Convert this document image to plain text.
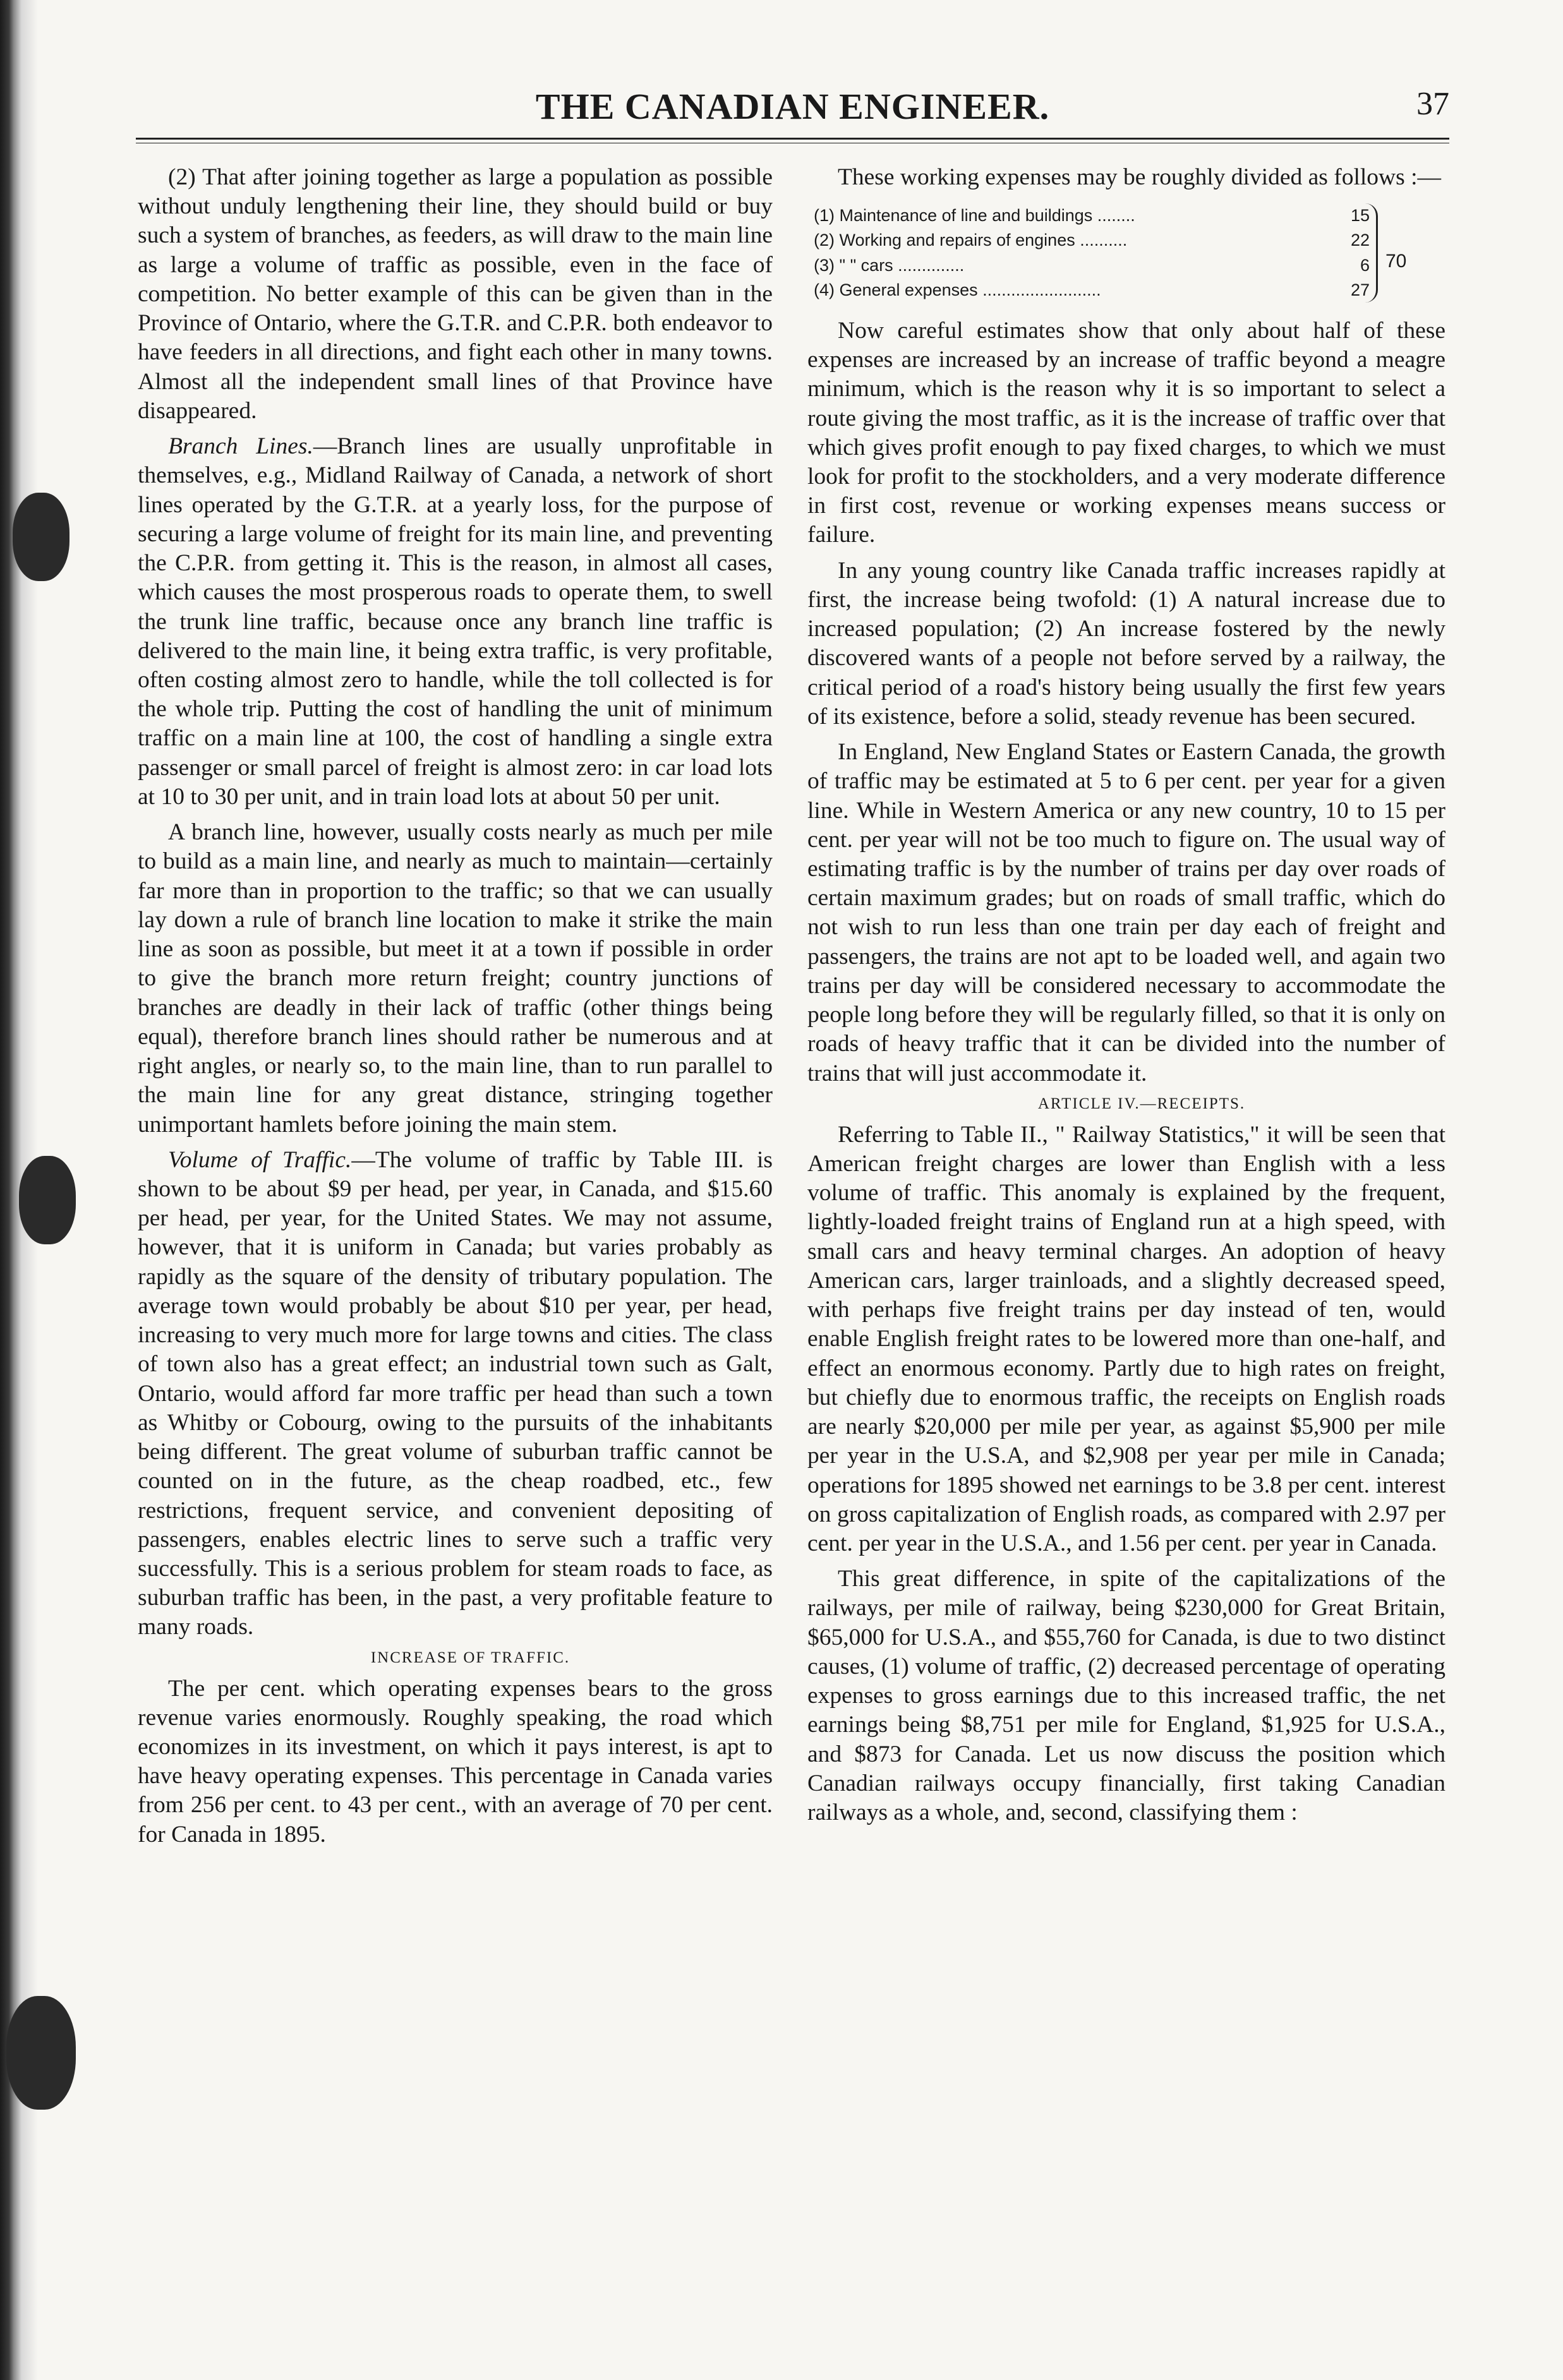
THE CANADIAN ENGINEER.	37

(2) That after joining together as large a population as possible without unduly lengthening their line, they should build or buy such a system of branches, as feeders, as will draw to the main line as large a volume of traffic as possible, even in the face of competition. No better example of this can be given than in the Province of Ontario, where the G.T.R. and C.P.R. both endeavor to have feeders in all directions, and fight each other in many towns. Almost all the independent small lines of that Province have disappeared.

Branch Lines.—Branch lines are usually unprofitable in themselves, e.g., Midland Railway of Canada, a network of short lines operated by the G.T.R. at a yearly loss, for the purpose of securing a large volume of freight for its main line, and preventing the C.P.R. from getting it. This is the reason, in almost all cases, which causes the most prosperous roads to operate them, to swell the trunk line traffic, because once any branch line traffic is delivered to the main line, it being extra traffic, is very profitable, often costing almost zero to handle, while the toll collected is for the whole trip. Putting the cost of handling the unit of minimum traffic on a main line at 100, the cost of handling a single extra passenger or small parcel of freight is almost zero: in car load lots at 10 to 30 per unit, and in train load lots at about 50 per unit.

A branch line, however, usually costs nearly as much per mile to build as a main line, and nearly as much to maintain—certainly far more than in proportion to the traffic; so that we can usually lay down a rule of branch line location to make it strike the main line as soon as possible, but meet it at a town if possible in order to give the branch more return freight; country junctions of branches are deadly in their lack of traffic (other things being equal), therefore branch lines should rather be numerous and at right angles, or nearly so, to the main line, than to run parallel to the main line for any great distance, stringing together unimportant hamlets before joining the main stem.

Volume of Traffic.—The volume of traffic by Table III. is shown to be about $9 per head, per year, in Canada, and $15.60 per head, per year, for the United States. We may not assume, however, that it is uniform in Canada; but varies probably as rapidly as the square of the density of tributary population. The average town would probably be about $10 per year, per head, increasing to very much more for large towns and cities. The class of town also has a great effect; an industrial town such as Galt, Ontario, would afford far more traffic per head than such a town as Whitby or Cobourg, owing to the pursuits of the inhabitants being different. The great volume of suburban traffic cannot be counted on in the future, as the cheap roadbed, etc., few restrictions, frequent service, and convenient depositing of passengers, enables electric lines to serve such a traffic very successfully. This is a serious problem for steam roads to face, as suburban traffic has been, in the past, a very profitable feature to many roads.

INCREASE OF TRAFFIC.

The per cent. which operating expenses bears to the gross revenue varies enormously. Roughly speaking, the road which economizes in its investment, on which it pays interest, is apt to have heavy operating expenses. This percentage in Canada varies from 256 per cent. to 43 per cent., with an average of 70 per cent. for Canada in 1895.

These working expenses may be roughly divided as follows :—

(1) Maintenance of line and buildings ........	15
(2) Working and repairs of engines ..........	22
(3) " " cars ..............	6
(4) General expenses .........................	27
70

Now careful estimates show that only about half of these expenses are increased by an increase of traffic beyond a meagre minimum, which is the reason why it is so important to select a route giving the most traffic, as it is the increase of traffic over that which gives profit enough to pay fixed charges, to which we must look for profit to the stockholders, and a very moderate difference in first cost, revenue or working expenses means success or failure.

In any young country like Canada traffic increases rapidly at first, the increase being twofold: (1) A natural increase due to increased population; (2) An increase fostered by the newly discovered wants of a people not before served by a railway, the critical period of a road's history being usually the first few years of its existence, before a solid, steady revenue has been secured.

In England, New England States or Eastern Canada, the growth of traffic may be estimated at 5 to 6 per cent. per year for a given line. While in Western America or any new country, 10 to 15 per cent. per year will not be too much to figure on. The usual way of estimating traffic is by the number of trains per day over roads of certain maximum grades; but on roads of small traffic, which do not wish to run less than one train per day each of freight and passengers, the trains are not apt to be loaded well, and again two trains per day will be considered necessary to accommodate the people long before they will be regularly filled, so that it is only on roads of heavy traffic that it can be divided into the number of trains that will just accommodate it.

ARTICLE IV.—RECEIPTS.

Referring to Table II., " Railway Statistics," it will be seen that American freight charges are lower than English with a less volume of traffic. This anomaly is explained by the frequent, lightly-loaded freight trains of England run at a high speed, with small cars and heavy terminal charges. An adoption of heavy American cars, larger trainloads, and a slightly decreased speed, with perhaps five freight trains per day instead of ten, would enable English freight rates to be lowered more than one-half, and effect an enormous economy. Partly due to high rates on freight, but chiefly due to enormous traffic, the receipts on English roads are nearly $20,000 per mile per year, as against $5,900 per mile per year in the U.S.A, and $2,908 per year per mile in Canada; operations for 1895 showed net earnings to be 3.8 per cent. interest on gross capitalization of English roads, as compared with 2.97 per cent. per year in the U.S.A., and 1.56 per cent. per year in Canada.

This great difference, in spite of the capitalizations of the railways, per mile of railway, being $230,000 for Great Britain, $65,000 for U.S.A., and $55,760 for Canada, is due to two distinct causes, (1) volume of traffic, (2) decreased percentage of operating expenses to gross earnings due to this increased traffic, the net earnings being $8,751 per mile for England, $1,925 for U.S.A., and $873 for Canada. Let us now discuss the position which Canadian railways occupy financially, first taking Canadian railways as a whole, and, second, classifying them :
